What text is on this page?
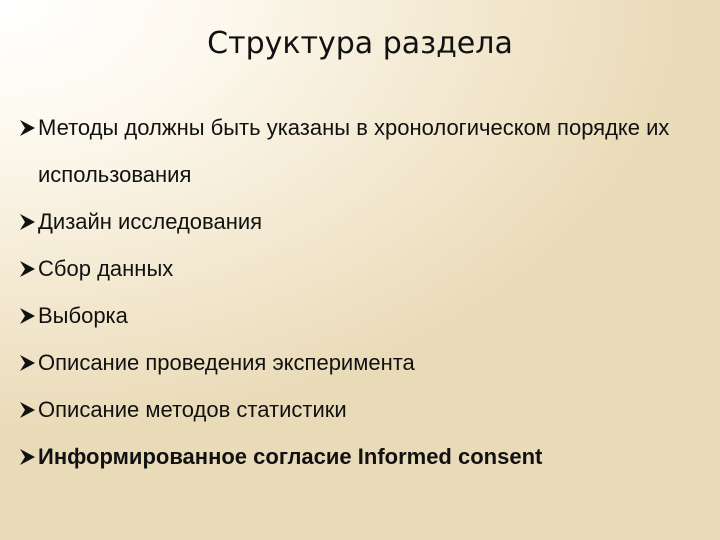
Структура раздела
Методы должны быть указаны в хронологическом порядке их использования
Дизайн исследования
Сбор данных
Выборка
Описание проведения эксперимента
Описание методов статистики
Информированное согласие Informed consent
